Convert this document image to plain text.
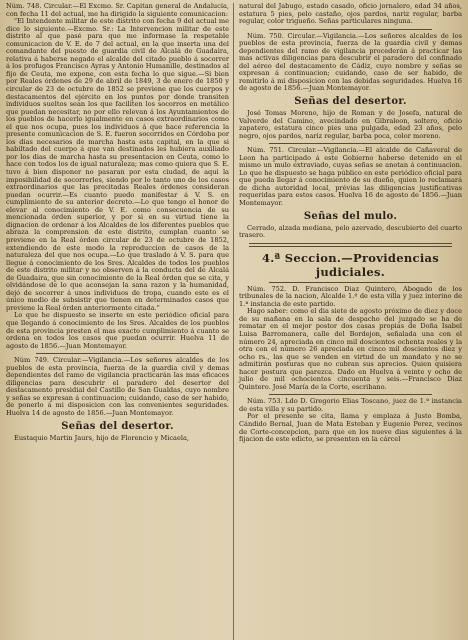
Núm. 748. Circular.—El Excmo. Sr. Capitan general de Andalucía, con fecha 11 del actual, me ha dirigido la siguiente comunicacion:

"El Intendente militar de este distrito con fecha 9 del actual me dice lo siguiente.—Excmo. Sr.: La Intervencion militar de este distrito al que pasé para que me informase la respetable comunicacion de V. E. de 7 del actual, en la que inserta una del comandante del puesto de guardia civil de Alcalá de Guadaira, relativa á haberse negado el alcalde del citado pueblo á socorrer á los profugos Francisco Ayras y Antonio Humanille, destinados al fijo de Ceuta, me expone, con esta fecha lo que sigue.—Si bien por Reales órdenes de 29 de abril de 1849, 3 de enero de 1850 y circular de 23 de octubre de 1852 se previene que los cuerpos y destacamentos del ejército en los puntos por donde transiten individuos sueltos sean los que faciliten los socorros en metálico que puedan necesitar, no por ello relevan á los Ayuntamientos de los pueblos de hacerlo igualmente en casos extraordinarios como el que nos ocupa, pues los individuos á que hace referencia la presente comunicacion de S. E. fueron socorridos en Córdoba por los dias necesarios de marcha hasta esta capital, en la que si habiltado del cuerpo á que van destinados les hubiera auxiliado por los dias de marcha hasta su presentacion en Ceuta, como lo hace con todos los de igual naturaleza; mas como quiera que S. E. tuvo á bien disponer no pasaran por esta ciudad, de aqui la imposibilidad de socorrerles, siendo por lo tanto uno de los casos extraordinarios que las precitadas Reales órdenes consideran puedan ocurrir.—Es cuanto puedo manifestar á V. S. en cumplimiento de su anterior decreto.—Lo que tengo el honor de elevar al conocimiento de V. E. como consecuencia de su mencionada órden superior, y por si en su virtud tiene la dignacion de ordenar á los Alcaldes de los diferentes pueblos que abraza la comprension de este distrito, cumplan cuanto se previene en la Real órden circular de 23 de octubre de 1852, extendiendo de este modo la reproduccion de casos de la naturaleza del que nos ocupa.—Lo que traslado á V. S. para que llegue á conocimiento de los Sres. Alcaldes de todos los pueblos de este distrito militar y no observen á la conducta del de Alcalá de Guadaira, que sin conocimiento de la Real órden que se cita, y olvidándose de lo que aconsejan la sana razon y la humanidad, dejó de socorrer á unos individuos de tropa, cuando este es el único medio de subsistir que tienen en determinados casos que previene la Real órden anteriormente citada."

Lo que he dispuesto se inserte en este periódico oficial para que llegando á conocimiento de los Sres. Alcaldes de los pueblos de esta provincia presten el mas exacto cumplimiento á cuanto se ordena en todos los casos que puedan ocurrir. Huelva 11 de agosto de 1856.—Juan Montemayor.

Núm 749. Circular.—Vigilancia.—Los señores alcaldes de los pueblos de esta provincia, fuerza de la guardia civil y demas dependientes del ramo de vigilancia practicarán las mas eficaces diligencias para descubrir el paradero del desertor del destacamento presidial del Castillo de San Gualdas, cuyo nombre y señas se expresan á continuacion; cuidando, caso de ser habido, de ponerlo á mi disposicion con las convenientes seguridades. Huelva 14 de agosto de 1856.—Juan Montemayor.

Señas del desertor.

Eustaquio Martin Jaurs, hijo de Florencio y Micaela,

natural del Jabugo, estado casado, oficio jornalero, edad 34 años, estatura 5 pies, pelo castaño, ojos pardos, nariz regular, barba regular, color trigueño. Señas particulares ninguna.

Núm. 750. Circular.—Vigilancia.—Los señores alcaldes de los pueblos de esta provincia, fuerza de la guardia civil y demas dependientes del ramo de vigilancia procederán á practicar las mas activas diligencias para descubrir el paradero del confinado del aéreo del destacamento de Cádiz, cuyo nombre y señas se expresan á continuacion; cuidando, caso de ser habido, de remitirlo á mi disposicion con las debidas seguridades. Huelva 16 de agosto de 1856.—Juan Montemayor.

Señas del desertor.

José Tomas Moreno, hijo de Roman y de Josefa, natural de Valverde del Camino, avecindado en Gibraleon, soltero, oficio zapatero, estatura cinco pies una pulgada, edad 23 años, pelo negro, ojos pardos, nariz regular, barba poca, color moreno.

Núm. 751. Circular.—Vigilancia.—El alcalde de Cañaveral de Leon ha participado á este Gobierno haberse detenido en el mismo un mulo extraviado, cuyas señas se anotan á continuacion. Lo que he dispuesto se haga público en este periódico oficial para que pueda llegar á conocimiento de su dueño, quien lo reclamará de dicha autoridad local, prévias las diligencias justificativas requeridas para estos casos. Huelva 16 de agosto de 1856.—Juan Montemayor.

Señas del mulo.

Cerrado, alzada mediana, pelo azervado, descubierto del cuarto trasero.

4.ª Seccion.—Providencias judiciales.

Núm. 752. D. Francisco Diaz Quintero, Abogado de los tribunales de la nacion, Alcalde 1.º de esta villa y juez interino de 1.ª instancia de este partido.

Hago saber: como el dia siete de agosto próximo de diez y doce de su mañana en la sala de despacho del juzgado se ha de rematar en el mejor postor dos casas propias de Doña Isabel Luisa Barromanera, calle del Bordejon, señalada una con el número 24, apreciada en cinco mil doscientos ochenta reales y la otra con el número 26 apreciada en cinco mil doscientos diez y ocho rs., las que se venden en virtud de un mandato y no se admitirán posturas que no cubran sus aprecios. Quien quisiera hacer postura que parezca. Dado en Huelva á veinte y ocho de julio de mil ochocientos cincuenta y seis.—Francisco Diaz Quintero. José María de la Corte, escribano.

Núm. 753. Ldo D. Gregorio Elias Toscano, juez de 1.ª instancia de esta villa y su partido.

Por el presente se cita, llama y emplaza á Justo Bomba, Cándido Bernal, Juan de Mata Esteban y Eugenio Perez, vecinos de Corte-concepcion, para que en los nueve dias siguientes á la fijacion de este edicto, se presenten en la cárcel
